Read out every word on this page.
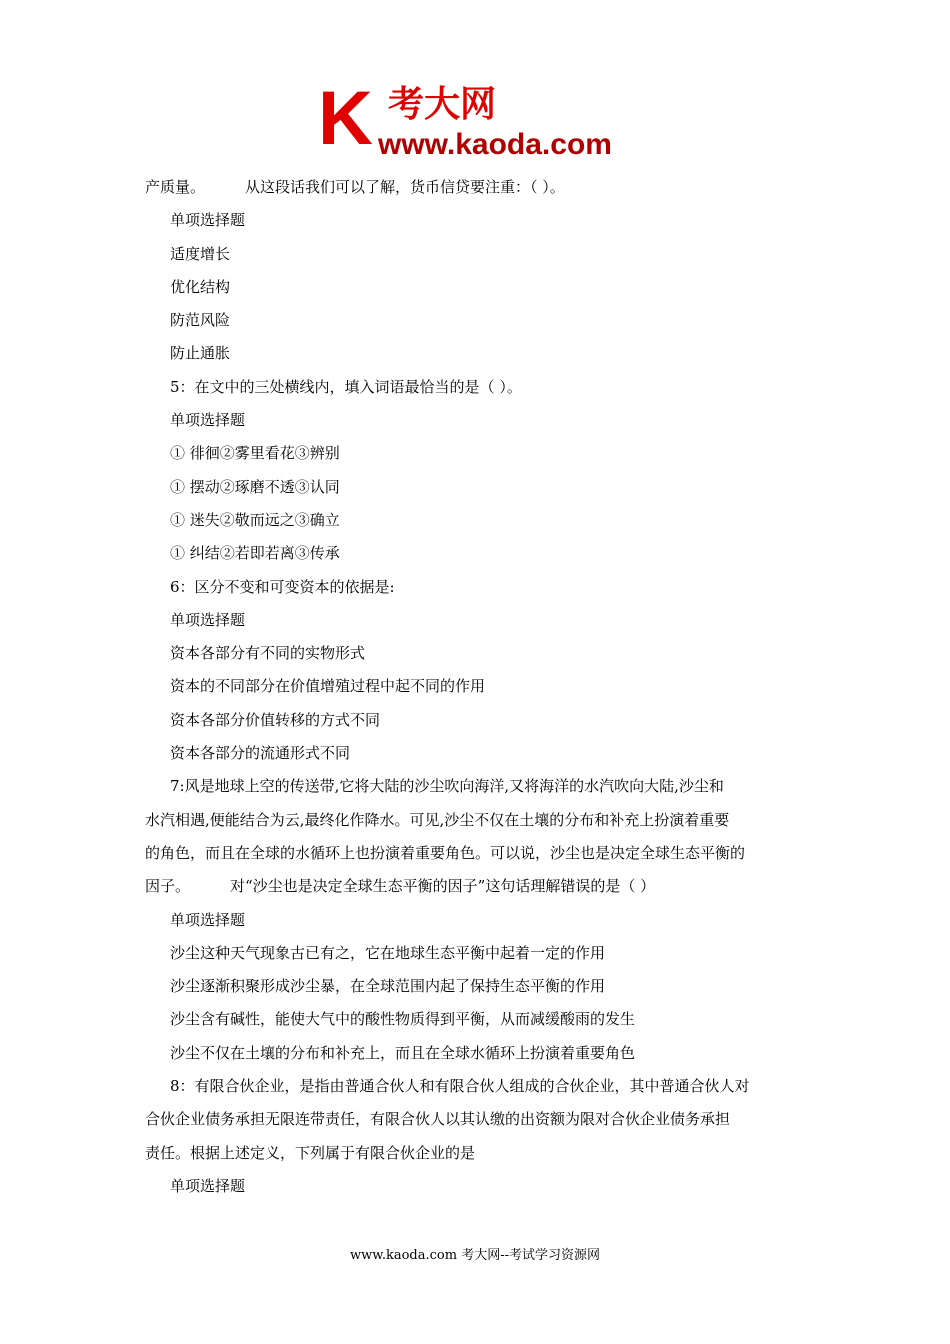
K 考大网
www.kaoda.com
产质量。	从这段话我们可以了解，货币信贷要注重：（ ）。
单项选择题
适度增长
优化结构
防范风险
防止通胀
5：在文中的三处横线内，填入词语最恰当的是（ ）。
单项选择题
① 徘徊②雾里看花③辨别
① 摆动②琢磨不透③认同
① 迷失②敬而远之③确立
① 纠结②若即若离③传承
6：区分不变和可变资本的依据是:
单项选择题
资本各部分有不同的实物形式
资本的不同部分在价值增殖过程中起不同的作用
资本各部分价值转移的方式不同
资本各部分的流通形式不同
7:风是地球上空的传送带,它将大陆的沙尘吹向海洋,又将海洋的水汽吹向大陆,沙尘和
水汽相遇,便能结合为云,最终化作降水。可见,沙尘不仅在土壤的分布和补充上扮演着重要
的角色，而且在全球的水循环上也扮演着重要角色。可以说，沙尘也是决定全球生态平衡的
因子。	对“沙尘也是决定全球生态平衡的因子”这句话理解错误的是（ ）
单项选择题
沙尘这种天气现象古已有之，它在地球生态平衡中起着一定的作用
沙尘逐渐积聚形成沙尘暴，在全球范围内起了保持生态平衡的作用
沙尘含有碱性，能使大气中的酸性物质得到平衡，从而减缓酸雨的发生
沙尘不仅在土壤的分布和补充上，而且在全球水循环上扮演着重要角色
8：有限合伙企业，是指由普通合伙人和有限合伙人组成的合伙企业，其中普通合伙人对
合伙企业债务承担无限连带责任，有限合伙人以其认缴的出资额为限对合伙企业债务承担
责任。根据上述定义，下列属于有限合伙企业的是
单项选择题
www.kaoda.com 考大网--考试学习资源网
